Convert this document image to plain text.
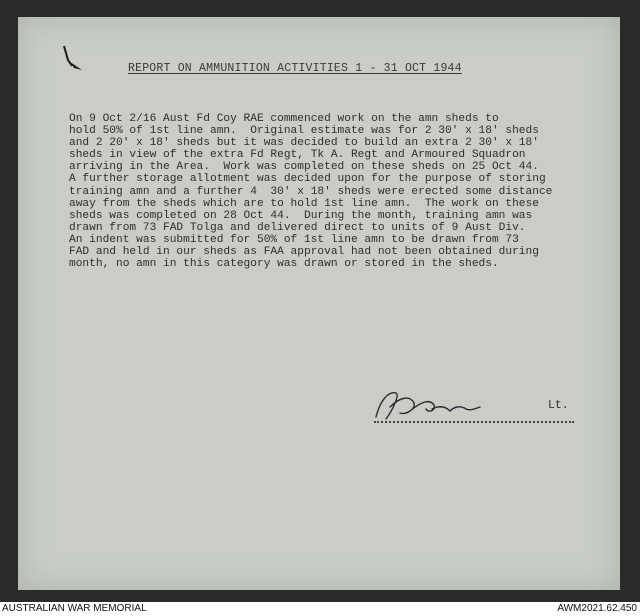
REPORT ON AMMUNITION ACTIVITIES 1 - 31 OCT 1944
On 9 Oct 2/16 Aust Fd Coy RAE commenced work on the amn sheds to
hold 50% of 1st line amn.  Original estimate was for 2 30' x 18' sheds
and 2 20' x 18' sheds but it was decided to build an extra 2 30' x 18'
sheds in view of the extra Fd Regt, Tk A. Regt and Armoured Squadron
arriving in the Area.  Work was completed on these sheds on 25 Oct 44.
A further storage allotment was decided upon for the purpose of storing
training amn and a further 4  30' x 18' sheds were erected some distance
away from the sheds which are to hold 1st line amn.  The work on these
sheds was completed on 28 Oct 44.  During the month, training amn was
drawn from 73 FAD Tolga and delivered direct to units of 9 Aust Div.
An indent was submitted for 50% of 1st line amn to be drawn from 73
FAD and held in our sheds as FAA approval had not been obtained during
month, no amn in this category was drawn or stored in the sheds.
Lt.
AUSTRALIAN WAR MEMORIAL	AWM2021.62.450
